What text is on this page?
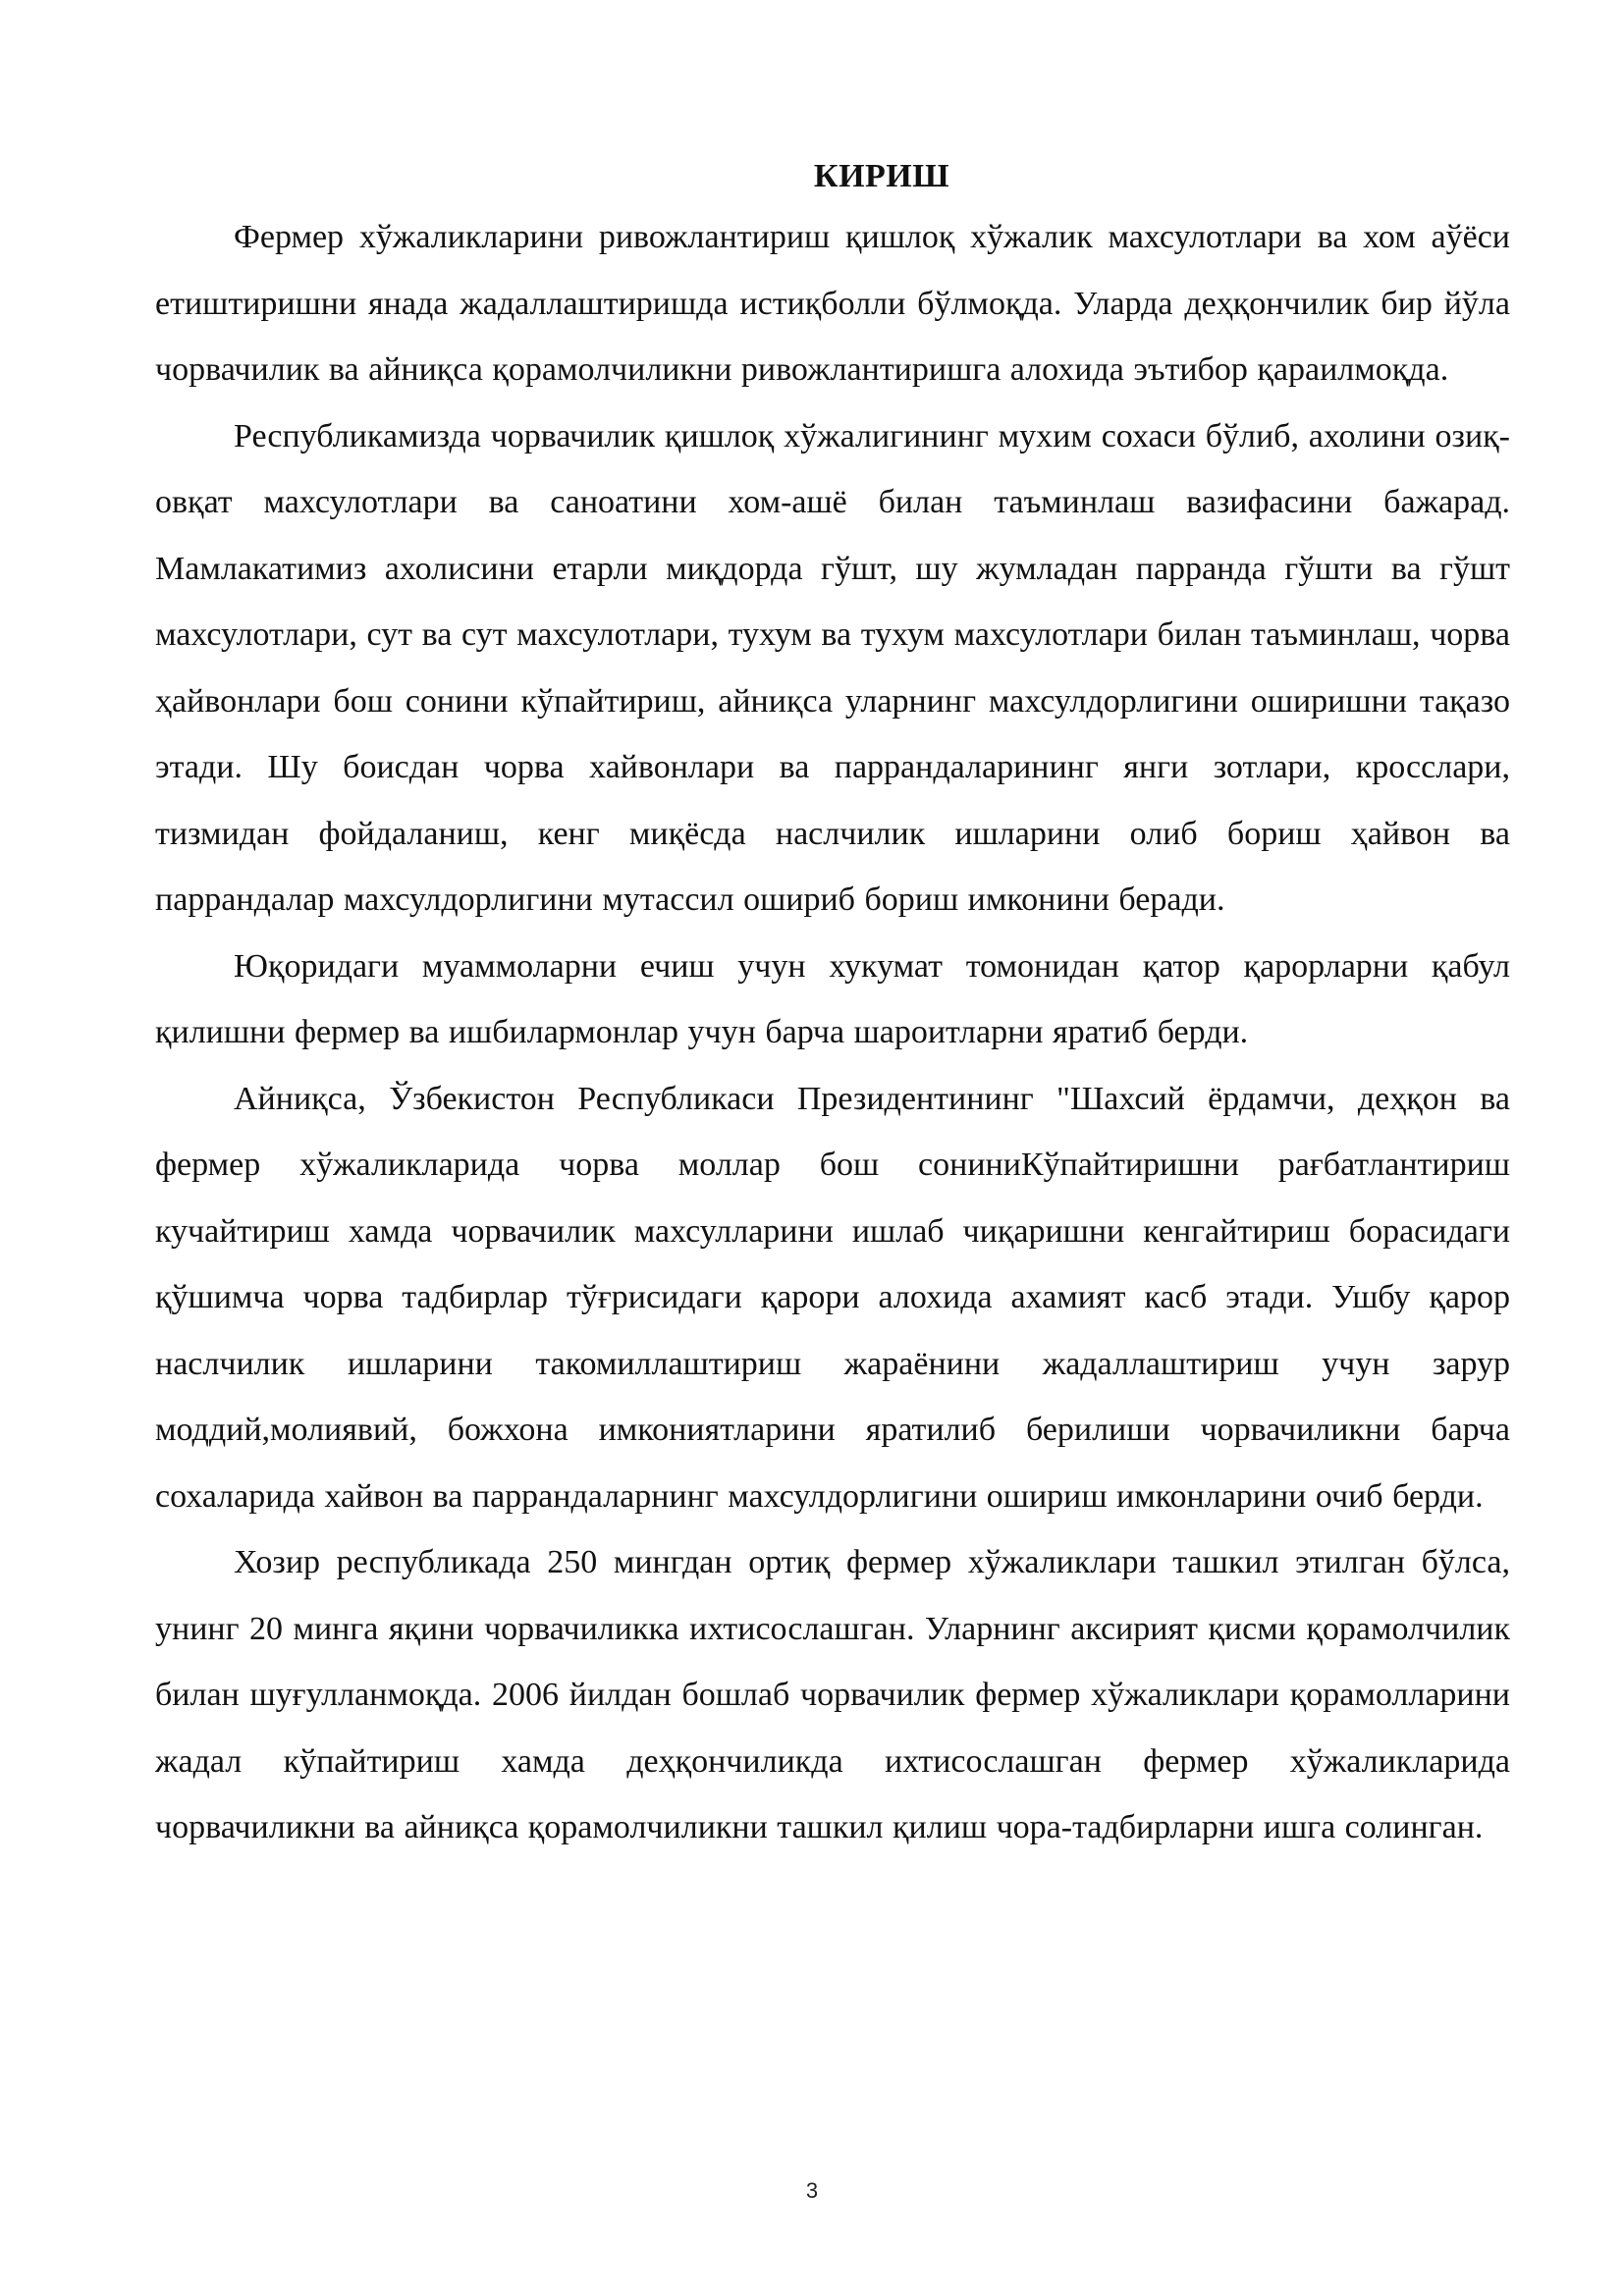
КИРИШ

Фермер хўжаликларини ривожлантириш қишлоқ хўжалик махсулотлари ва хом аўёси етиштиришни янада жадаллаштиришда истиқболли бўлмоқда. Уларда деҳқончилик бир йўла чорвачилик ва айниқса қорамолчиликни ривожлантиришга алохида эътибор қараилмоқда.

Республикамизда чорвачилик қишлоқ хўжалигининг мухим сохаси бўлиб, ахолини озиқ-овқат махсулотлари ва саноатини хом-ашё билан таъминлаш вазифасини бажарад. Мамлакатимиз ахолисини етарли миқдорда гўшт, шу жумладан парранда гўшти ва гўшт махсулотлари, сут ва сут махсулотлари, тухум ва тухум махсулотлари билан таъминлаш, чорва ҳайвонлари бош сонини кўпайтириш, айниқса уларнинг махсулдорлигини оширишни тақазо этади. Шу боисдан чорва хайвонлари ва паррандаларининг янги зотлари, кросслари, тизмидан фойдаланиш, кенг миқёсда наслчилик ишларини олиб бориш ҳайвон ва паррандалар махсулдорлигини мутассил ошириб бориш имконини беради.

Юқоридаги муаммоларни ечиш учун хукумат томонидан қатор қарорларни қабул қилишни фермер ва ишбилармонлар учун барча шароитларни яратиб берди.

Айниқса, Ўзбекистон Республикаси Президентининг "Шахсий ёрдамчи, деҳқон ва фермер хўжаликларида чорва моллар бош сониниКўпайтиришни рағбатлантириш кучайтириш хамда чорвачилик махсулларини ишлаб чиқаришни кенгайтириш борасидаги қўшимча чорва тадбирлар тўғрисидаги қарори алохида ахамият касб этади. Ушбу қарор наслчилик ишларини такомиллаштириш жараёнини жадаллаштириш учун зарур моддий,молиявий, божхона имкониятларини яратилиб берилиши чорвачиликни барча сохаларида хайвон ва паррандаларнинг махсулдорлигини ошириш имконларини очиб берди.

Хозир республикада 250 мингдан ортиқ фермер хўжаликлари ташкил этилган бўлса, унинг 20 минга яқини чорвачиликка ихтисослашган. Уларнинг аксирият қисми қорамолчилик билан шуғулланмоқда. 2006 йилдан бошлаб чорвачилик фермер хўжаликлари қорамолларини жадал кўпайтириш хамда деҳқончиликда ихтисослашган фермер хўжаликларида чорвачиликни ва айниқса қорамолчиликни ташкил қилиш чора-тадбирларни ишга солинган.

3
